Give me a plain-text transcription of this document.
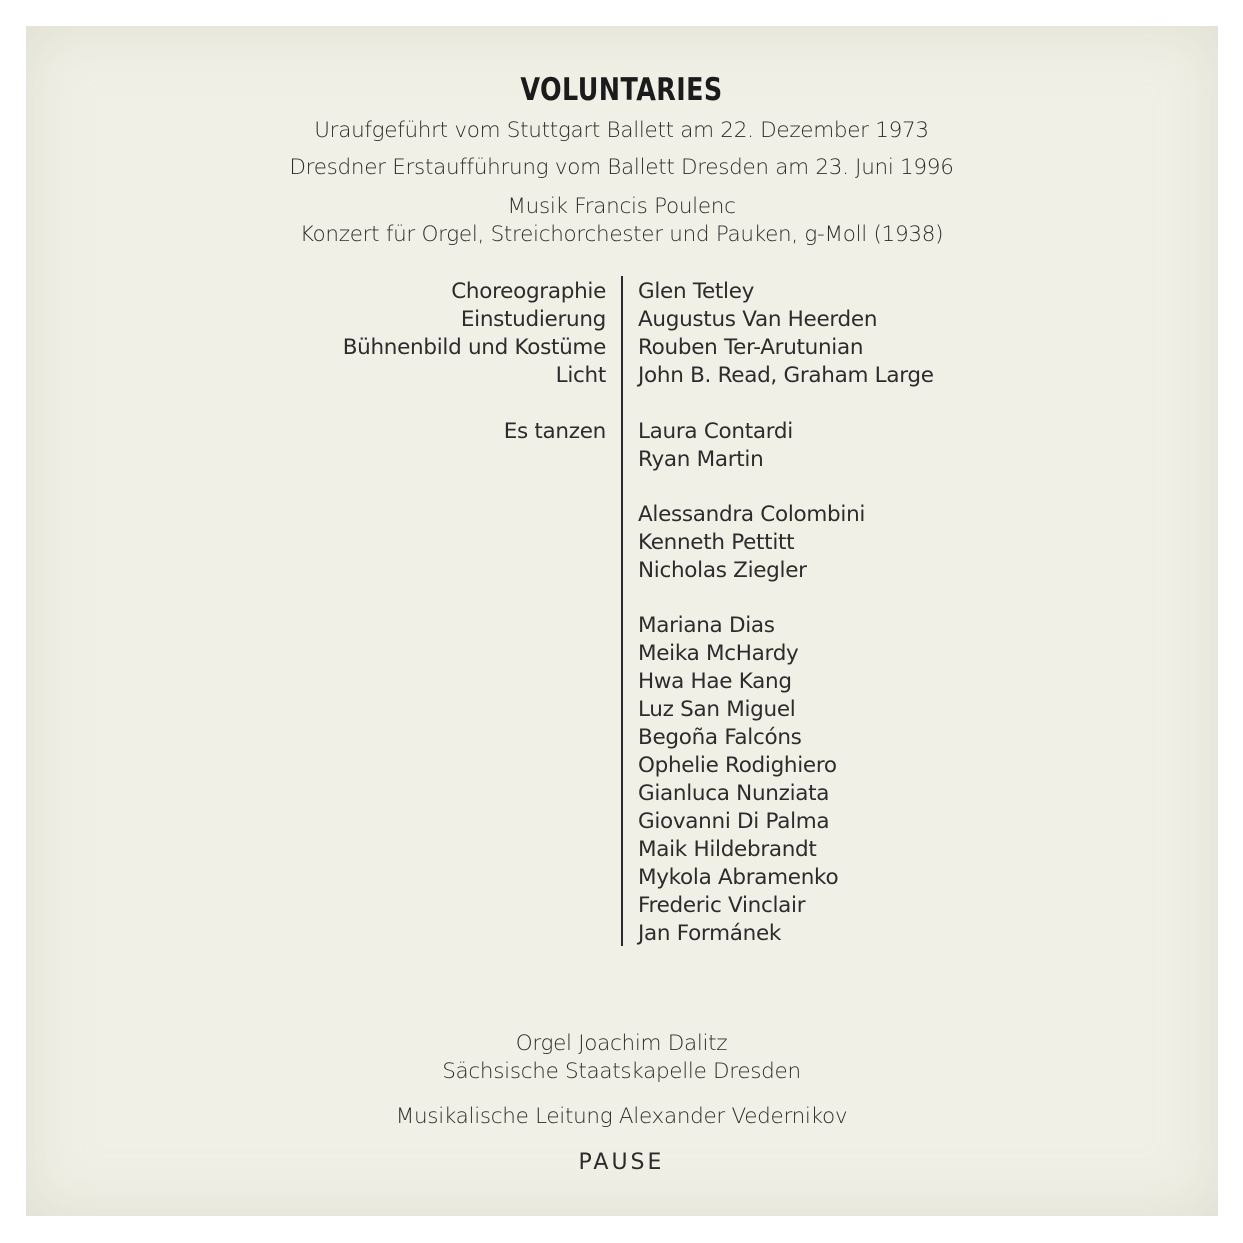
VOLUNTARIES
Uraufgeführt vom Stuttgart Ballett am 22. Dezember 1973
Dresdner Erstaufführung vom Ballett Dresden am 23. Juni 1996
Musik Francis Poulenc
Konzert für Orgel, Streichorchester und Pauken, g-Moll (1938)
Choreographie
Einstudierung
Bühnenbild und Kostüme
Licht
Glen Tetley
Augustus Van Heerden
Rouben Ter-Arutunian
John B. Read, Graham Large
Es tanzen Laura Contardi
Ryan Martin
Alessandra Colombini
Kenneth Pettitt
Nicholas Ziegler
Mariana Dias
Meika McHardy
Hwa Hae Kang
Luz San Miguel
Begoña Falcóns
Ophelie Rodighiero
Gianluca Nunziata
Giovanni Di Palma
Maik Hildebrandt
Mykola Abramenko
Frederic Vinclair
Jan Formánek
Orgel Joachim Dalitz
Sächsische Staatskapelle Dresden
Musikalische Leitung Alexander Vedernikov
PAUSE
